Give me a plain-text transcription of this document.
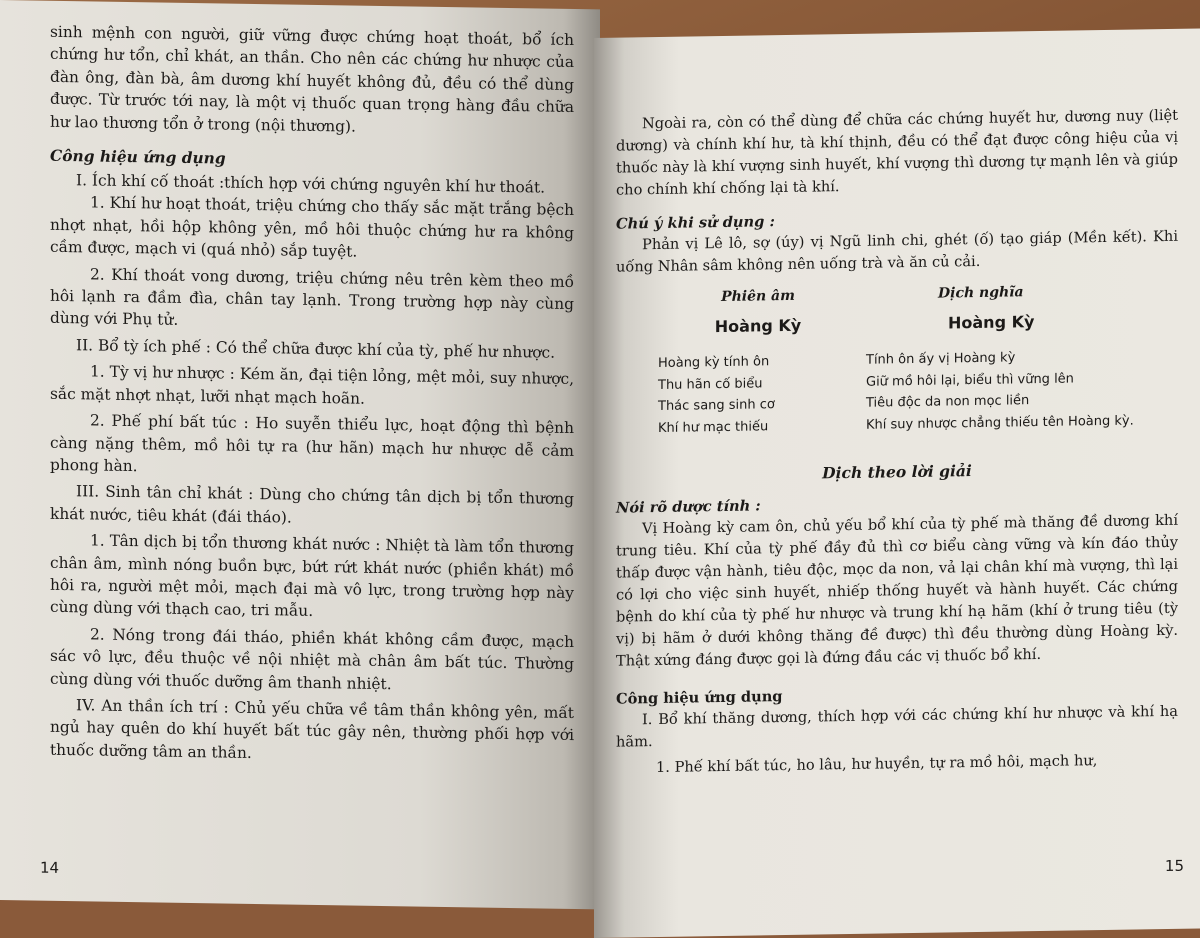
sinh mệnh con người, giữ vững được chứng hoạt thoát, bổ ích chứng hư tổn, chỉ khát, an thần. Cho nên các chứng hư nhược của đàn ông, đàn bà, âm dương khí huyết không đủ, đều có thể dùng được. Từ trước tới nay, là một vị thuốc quan trọng hàng đầu chữa hư lao thương tổn ở trong (nội thương).

Công hiệu ứng dụng

I. Ích khí cố thoát :thích hợp với chứng nguyên khí hư thoát.

1. Khí hư hoạt thoát, triệu chứng cho thấy sắc mặt trắng bệch nhợt nhạt, hồi hộp không yên, mồ hôi thuộc chứng hư ra không cầm được, mạch vi (quá nhỏ) sắp tuyệt.

2. Khí thoát vong dương, triệu chứng nêu trên kèm theo mồ hôi lạnh ra đầm đìa, chân tay lạnh. Trong trường hợp này cùng dùng với Phụ tử.

II. Bổ tỳ ích phế : Có thể chữa được khí của tỳ, phế hư nhược.

1. Tỳ vị hư nhược : Kém ăn, đại tiện lỏng, mệt mỏi, suy nhược, sắc mặt nhợt nhạt, lưỡi nhạt mạch hoãn.

2. Phế phí bất túc : Ho suyễn thiểu lực, hoạt động thì bệnh càng nặng thêm, mồ hôi tự ra (hư hãn) mạch hư nhược dễ cảm phong hàn.

III. Sinh tân chỉ khát : Dùng cho chứng tân dịch bị tổn thương khát nước, tiêu khát (đái tháo).

1. Tân dịch bị tổn thương khát nước : Nhiệt tà làm tổn thương chân âm, mình nóng buồn bực, bứt rứt khát nước (phiền khát) mồ hôi ra, người mệt mỏi, mạch đại mà vô lực, trong trường hợp này cùng dùng với thạch cao, tri mẫu.

2. Nóng trong đái tháo, phiền khát không cầm được, mạch sác vô lực, đều thuộc về nội nhiệt mà chân âm bất túc. Thường cùng dùng với thuốc dưỡng âm thanh nhiệt.

IV. An thần ích trí : Chủ yếu chữa về tâm thần không yên, mất ngủ hay quên do khí huyết bất túc gây nên, thường phối hợp với thuốc dưỡng tâm an thần.

14

Ngoài ra, còn có thể dùng để chữa các chứng huyết hư, dương nuy (liệt dương) và chính khí hư, tà khí thịnh, đều có thể đạt được công hiệu của vị thuốc này là khí vượng sinh huyết, khí vượng thì dương tự mạnh lên và giúp cho chính khí chống lại tà khí.

Chú ý khi sử dụng :

Phản vị Lê lô, sợ (úy) vị Ngũ linh chi, ghét (ố) tạo giáp (Mền kết). Khi uống Nhân sâm không nên uống trà và ăn củ cải.

Phiên âm
Hoàng Kỳ
Hoàng kỳ tính ôn
Thu hãn cố biểu
Thác sang sinh cơ
Khí hư mạc thiếu
Dịch nghĩa
Hoàng Kỳ
Tính ôn ấy vị Hoàng kỳ
Giữ mồ hôi lại, biểu thì vững lên
Tiêu độc da non mọc liền
Khí suy nhược chẳng thiếu tên Hoàng kỳ.
Dịch theo lời giải

Nói rõ dược tính :

Vị Hoàng kỳ cam ôn, chủ yếu bổ khí của tỳ phế mà thăng đề dương khí trung tiêu. Khí của tỳ phế đầy đủ thì cơ biểu càng vững và kín đáo thủy thấp được vận hành, tiêu độc, mọc da non, vả lại chân khí mà vượng, thì lại có lợi cho việc sinh huyết, nhiếp thống huyết và hành huyết. Các chứng bệnh do khí của tỳ phế hư nhược và trung khí hạ hãm (khí ở trung tiêu (tỳ vị) bị hãm ở dưới không thăng đề được) thì đều thường dùng Hoàng kỳ. Thật xứng đáng được gọi là đứng đầu các vị thuốc bổ khí.

Công hiệu ứng dụng

I. Bổ khí thăng dương, thích hợp với các chứng khí hư nhược và khí hạ hãm.

1. Phế khí bất túc, ho lâu, hư huyền, tự ra mồ hôi, mạch hư,

15
